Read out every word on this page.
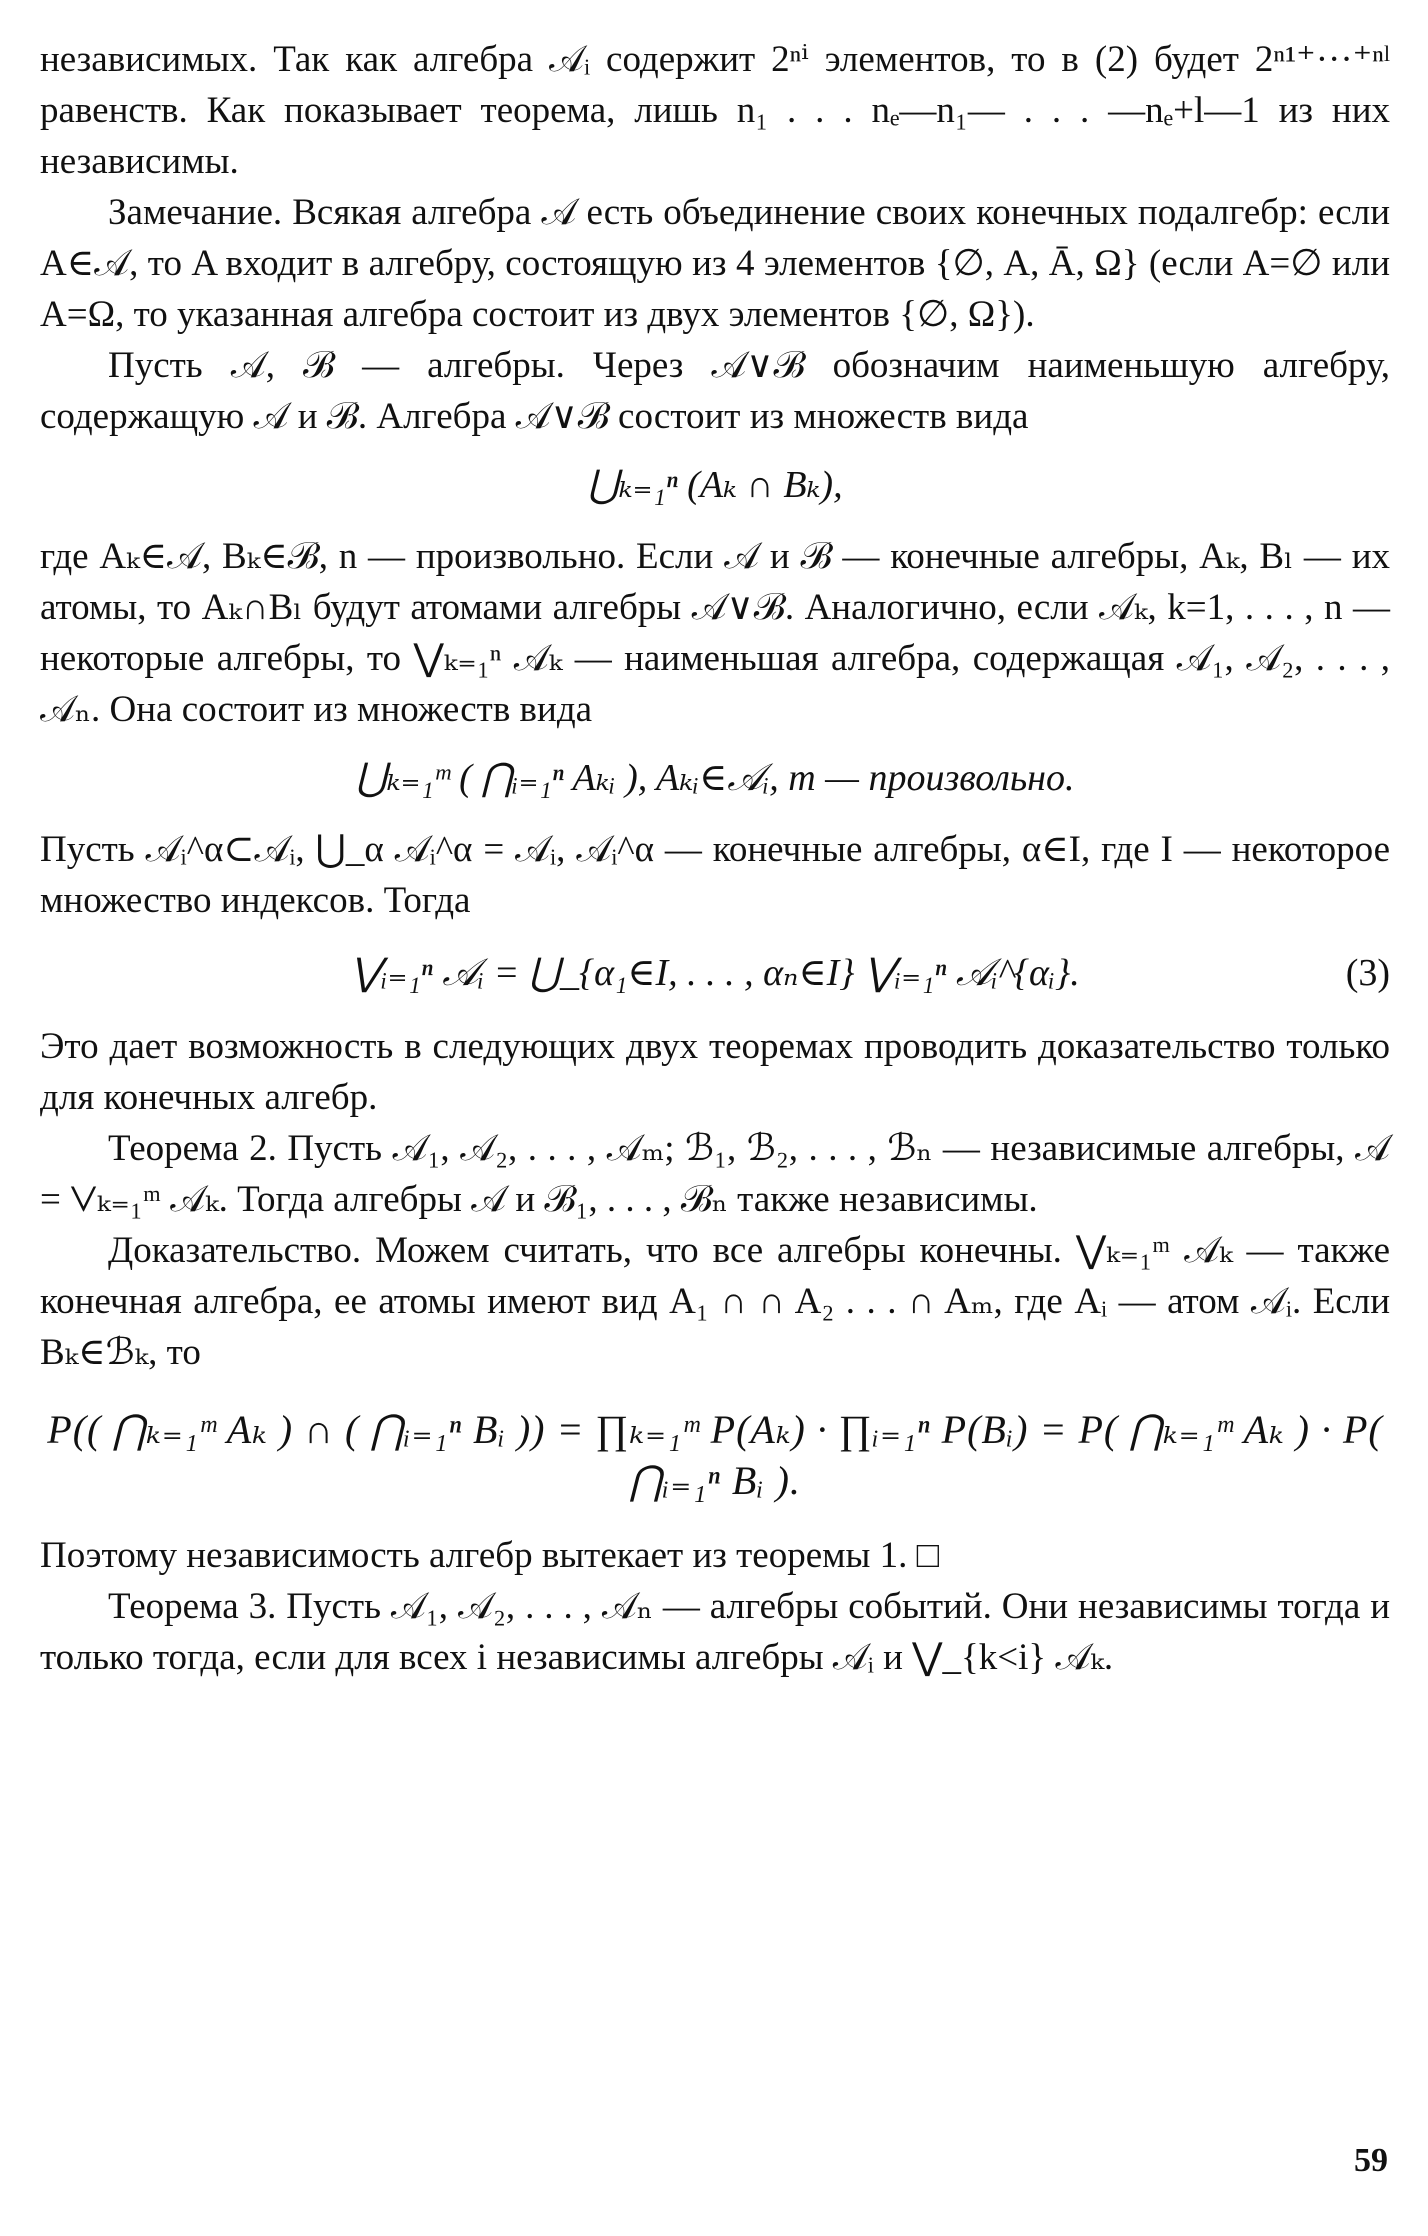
независимых. Так как алгебра 𝒜ᵢ содержит 2ⁿⁱ элементов, то в (2) будет 2ⁿ¹⁺···⁺ⁿˡ равенств. Как показывает теорема, лишь n₁ . . . nₑ—n₁— . . . —nₑ+l—1 из них независимы.

Замечание. Всякая алгебра 𝒜 есть объединение своих конечных подалгебр: если A∈𝒜, то A входит в алгебру, состоящую из 4 элементов {∅, A, Ā, Ω} (если A=∅ или A=Ω, то указанная алгебра состоит из двух элементов {∅, Ω}).

Пусть 𝒜, ℬ — алгебры. Через 𝒜∨ℬ обозначим наименьшую алгебру, содержащую 𝒜 и ℬ. Алгебра 𝒜∨ℬ состоит из множеств вида

⋃ₖ₌₁ⁿ (Aₖ ∩ Bₖ),

где Aₖ∈𝒜, Bₖ∈ℬ, n — произвольно. Если 𝒜 и ℬ — конечные алгебры, Aₖ, Bₗ — их атомы, то Aₖ∩Bₗ будут атомами алгебры 𝒜∨ℬ. Аналогично, если 𝒜ₖ, k=1, . . . , n — некоторые алгебры, то ⋁ₖ₌₁ⁿ 𝒜ₖ — наименьшая алгебра, содержащая 𝒜₁, 𝒜₂, . . . , 𝒜ₙ. Она состоит из множеств вида

⋃ₖ₌₁ᵐ ( ⋂ᵢ₌₁ⁿ Aₖᵢ ), Aₖᵢ∈𝒜ᵢ, m — произвольно.

Пусть 𝒜ᵢ^α⊂𝒜ᵢ, ⋃_α 𝒜ᵢ^α = 𝒜ᵢ, 𝒜ᵢ^α — конечные алгебры, α∈I, где I — некоторое множество индексов. Тогда

⋁ᵢ₌₁ⁿ 𝒜ᵢ = ⋃_{α₁∈I, . . . , αₙ∈I} ⋁ᵢ₌₁ⁿ 𝒜ᵢ^{αᵢ}.	(3)

Это дает возможность в следующих двух теоремах проводить доказательство только для конечных алгебр.

Теорема 2. Пусть 𝒜₁, 𝒜₂, . . . , 𝒜ₘ; ℬ₁, ℬ₂, . . . , ℬₙ — независимые алгебры, 𝒜 = ⋁ₖ₌₁ᵐ 𝒜ₖ. Тогда алгебры 𝒜 и ℬ₁, . . . , ℬₙ также независимы.

Доказательство. Можем считать, что все алгебры конечны. ⋁ₖ₌₁ᵐ 𝒜ₖ — также конечная алгебра, ее атомы имеют вид A₁ ∩ ∩ A₂ . . . ∩ Aₘ, где Aᵢ — атом 𝒜ᵢ. Если Bₖ∈ℬₖ, то

P(( ⋂ₖ₌₁ᵐ Aₖ ) ∩ ( ⋂ᵢ₌₁ⁿ Bᵢ )) = ∏ₖ₌₁ᵐ P(Aₖ) · ∏ᵢ₌₁ⁿ P(Bᵢ) = P( ⋂ₖ₌₁ᵐ Aₖ ) · P( ⋂ᵢ₌₁ⁿ Bᵢ ).

Поэтому независимость алгебр вытекает из теоремы 1. □

Теорема 3. Пусть 𝒜₁, 𝒜₂, . . . , 𝒜ₙ — алгебры событий. Они независимы тогда и только тогда, если для всех i независимы алгебры 𝒜ᵢ и ⋁_{k<i} 𝒜ₖ.

59
